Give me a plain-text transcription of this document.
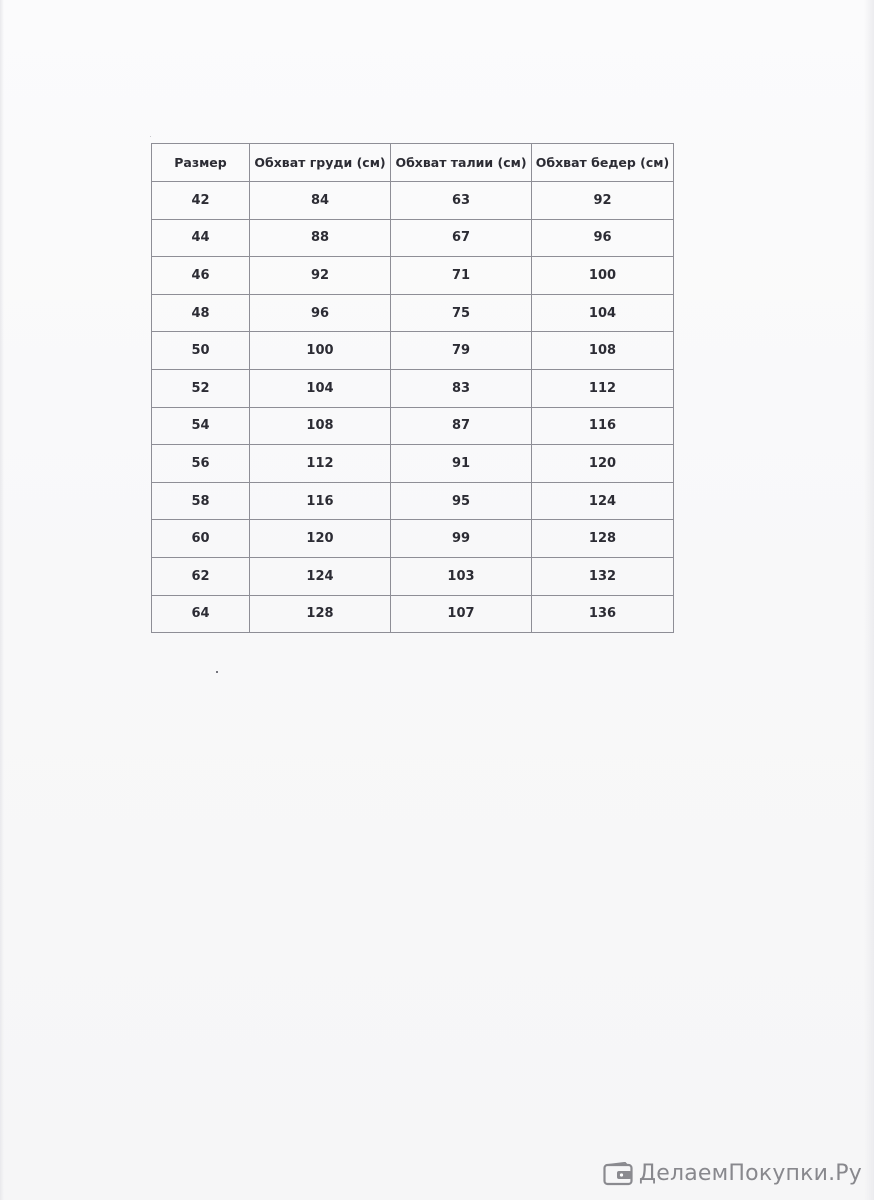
Размер	Обхват груди (см)	Обхват талии (см)	Обхват бедер (см)
42	84	63	92
44	88	67	96
46	92	71	100
48	96	75	104
50	100	79	108
52	104	83	112
54	108	87	116
56	112	91	120
58	116	95	124
60	120	99	128
62	124	103	132
64	128	107	136
ДелаемПокупки.Ру
